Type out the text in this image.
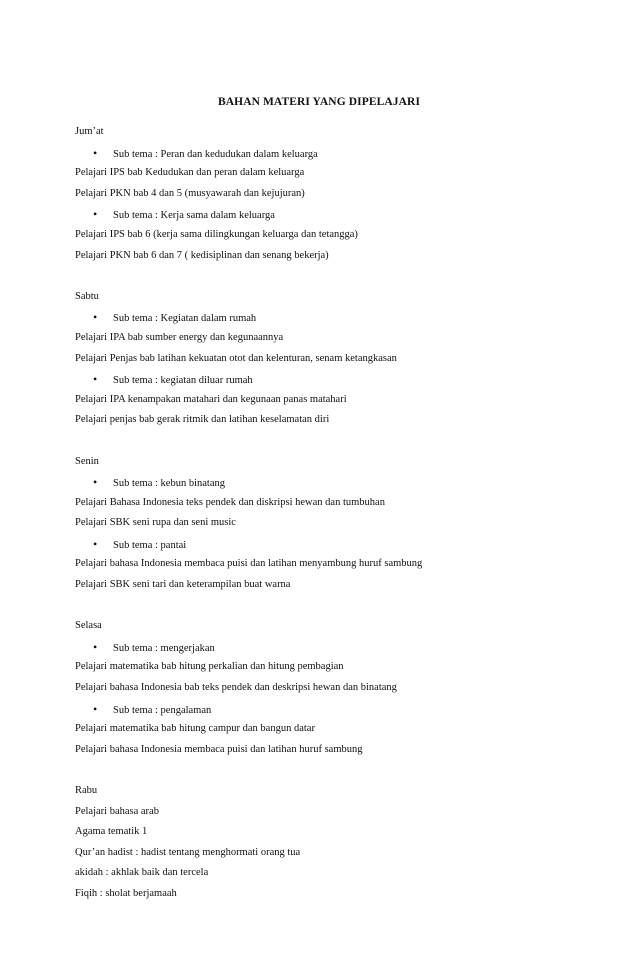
BAHAN MATERI YANG DIPELAJARI
Jum’at
• Sub tema : Peran dan kedudukan dalam keluarga
Pelajari IPS bab Kedudukan dan peran dalam keluarga
Pelajari PKN bab 4 dan 5 (musyawarah dan kejujuran)
• Sub tema : Kerja sama dalam keluarga
Pelajari IPS bab 6 (kerja sama dilingkungan keluarga dan tetangga)
Pelajari PKN bab 6 dan 7 ( kedisiplinan dan senang bekerja)
Sabtu
• Sub tema : Kegiatan dalam rumah
Pelajari IPA bab sumber energy dan kegunaannya
Pelajari Penjas bab latihan kekuatan otot dan kelenturan, senam ketangkasan
• Sub tema : kegiatan diluar rumah
Pelajari IPA kenampakan matahari dan kegunaan panas matahari
Pelajari penjas bab gerak ritmik dan latihan keselamatan diri
Senin
• Sub tema : kebun binatang
Pelajari Bahasa Indonesia teks pendek dan diskripsi hewan dan tumbuhan
Pelajari SBK seni rupa dan seni music
• Sub tema : pantai
Pelajari bahasa Indonesia membaca puisi dan latihan menyambung huruf sambung
Pelajari SBK seni tari dan keterampilan buat warna
Selasa
• Sub tema : mengerjakan
Pelajari matematika bab hitung perkalian dan hitung pembagian
Pelajari bahasa Indonesia bab teks pendek dan deskripsi hewan dan binatang
• Sub tema : pengalaman
Pelajari matematika bab hitung campur dan bangun datar
Pelajari bahasa Indonesia membaca puisi dan latihan huruf sambung
Rabu
Pelajari bahasa arab
Agama tematik 1
Qur’an hadist : hadist tentang menghormati orang tua
akidah : akhlak baik dan tercela
Fiqih : sholat berjamaah
